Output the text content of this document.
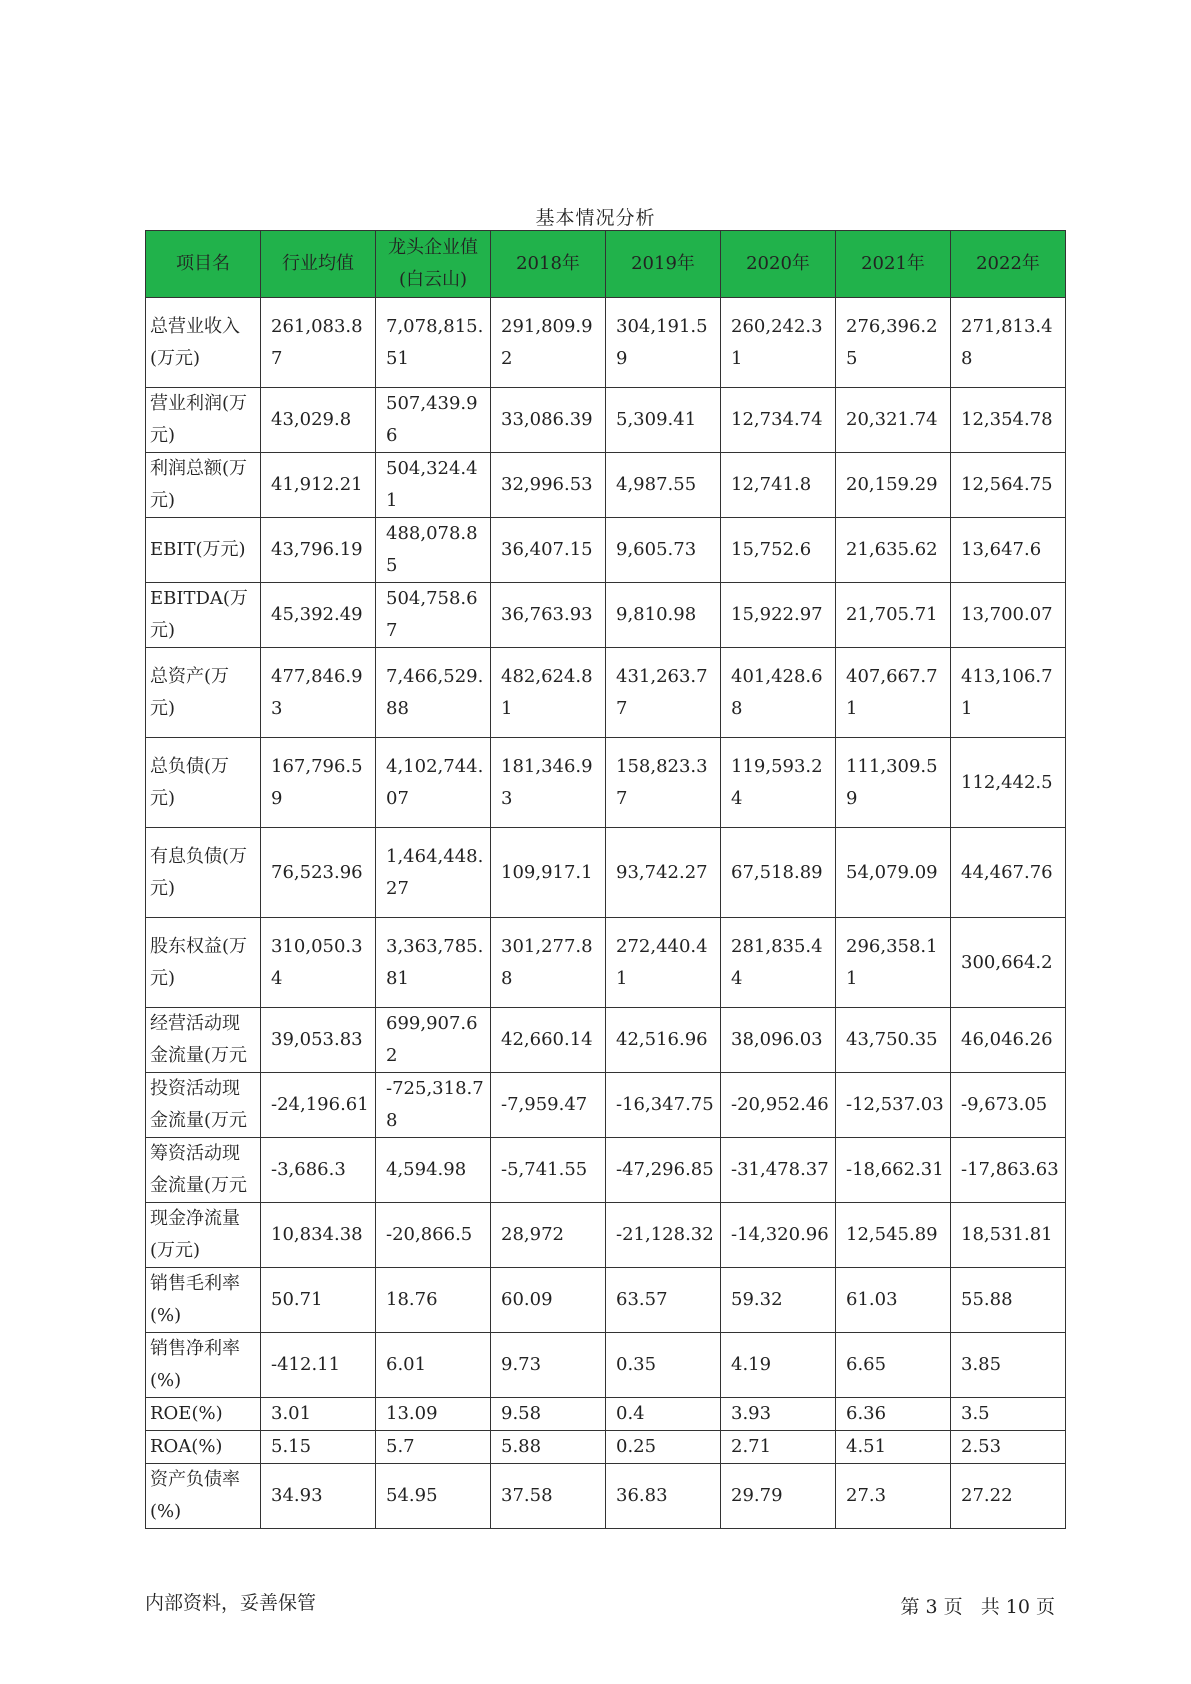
基本情况分析
项目名	行业均值	龙头企业值(白云山)	2018年	2019年	2020年	2021年	2022年
总营业收入(万元)	261,083.87	7,078,815.51	291,809.92	304,191.59	260,242.31	276,396.25	271,813.48
营业利润(万元)	43,029.8	507,439.96	33,086.39	5,309.41	12,734.74	20,321.74	12,354.78
利润总额(万元)	41,912.21	504,324.41	32,996.53	4,987.55	12,741.8	20,159.29	12,564.75
EBIT(万元)	43,796.19	488,078.85	36,407.15	9,605.73	15,752.6	21,635.62	13,647.6
EBITDA(万元)	45,392.49	504,758.67	36,763.93	9,810.98	15,922.97	21,705.71	13,700.07
总资产(万元)	477,846.93	7,466,529.88	482,624.81	431,263.77	401,428.68	407,667.71	413,106.71
总负债(万元)	167,796.59	4,102,744.07	181,346.93	158,823.37	119,593.24	111,309.59	112,442.5
有息负债(万元)	76,523.96	1,464,448.27	109,917.1	93,742.27	67,518.89	54,079.09	44,467.76
股东权益(万元)	310,050.34	3,363,785.81	301,277.88	272,440.41	281,835.44	296,358.11	300,664.2
经营活动现金流量(万元	39,053.83	699,907.62	42,660.14	42,516.96	38,096.03	43,750.35	46,046.26
投资活动现金流量(万元	-24,196.61	-725,318.78	-7,959.47	-16,347.75	-20,952.46	-12,537.03	-9,673.05
筹资活动现金流量(万元	-3,686.3	4,594.98	-5,741.55	-47,296.85	-31,478.37	-18,662.31	-17,863.63
现金净流量(万元)	10,834.38	-20,866.5	28,972	-21,128.32	-14,320.96	12,545.89	18,531.81
销售毛利率(%)	50.71	18.76	60.09	63.57	59.32	61.03	55.88
销售净利率(%)	-412.11	6.01	9.73	0.35	4.19	6.65	3.85
ROE(%)	3.01	13.09	9.58	0.4	3.93	6.36	3.5
ROA(%)	5.15	5.7	5.88	0.25	2.71	4.51	2.53
资产负债率(%)	34.93	54.95	37.58	36.83	29.79	27.3	27.22
内部资料，妥善保管	第 3 页 共 10 页
